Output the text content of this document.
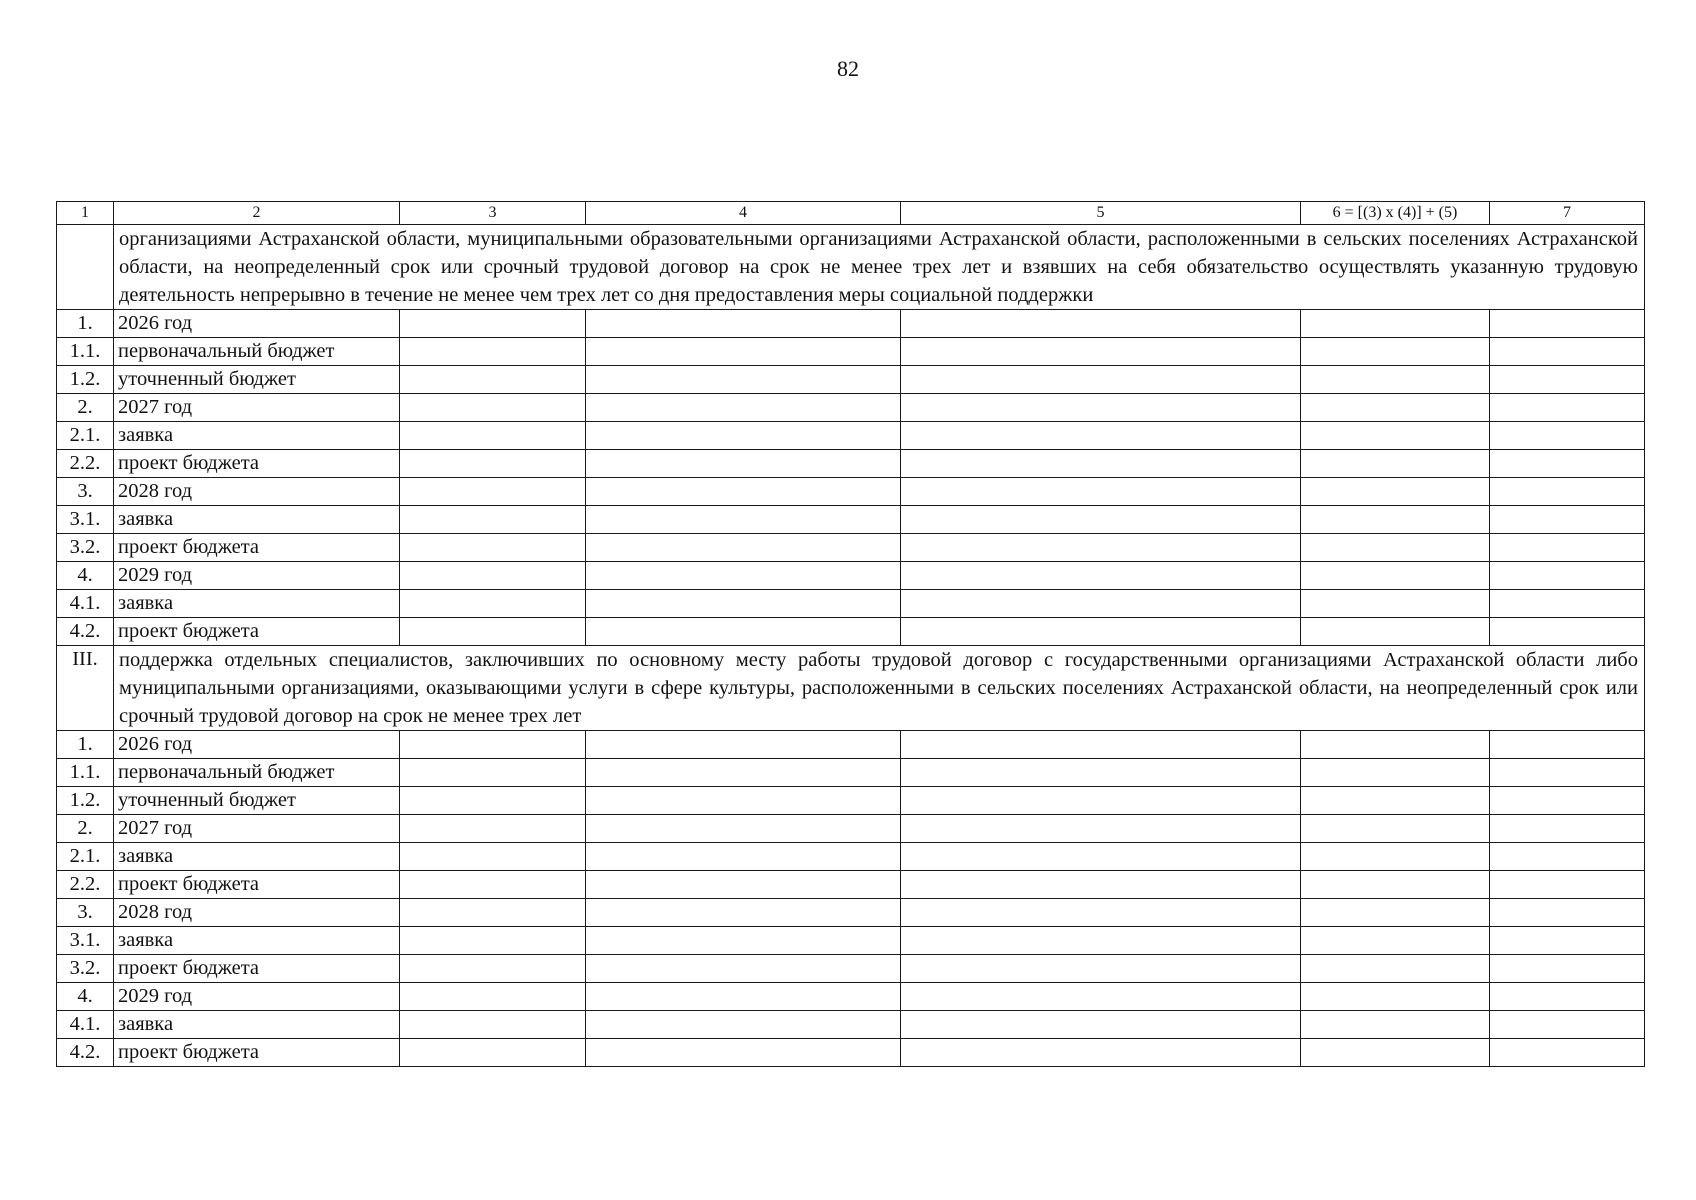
82
1	2	3	4	5	6 = [(3) x (4)] + (5)	7
	организациями Астраханской области, муниципальными образовательными организациями Астраханской области, расположенными в сельских поселениях Астраханской области, на неопределенный срок или срочный трудовой договор на срок не менее трех лет и взявших на себя обязательство осуществлять указанную трудовую деятельность непрерывно в течение не менее чем трех лет со дня предоставления меры социальной поддержки					
1.	2026 год					
1.1.	первоначальный бюджет					
1.2.	уточненный бюджет					
2.	2027 год					
2.1.	заявка					
2.2.	проект бюджета					
3.	2028 год					
3.1.	заявка					
3.2.	проект бюджета					
4.	2029 год					
4.1.	заявка					
4.2.	проект бюджета					
III.	поддержка отдельных специалистов, заключивших по основному месту работы трудовой договор с государственными организациями Астраханской области либо муниципальными организациями, оказывающими услуги в сфере культуры, расположенными в сельских поселениях Астраханской области, на неопределенный срок или срочный трудовой договор на срок не менее трех лет					
1.	2026 год					
1.1.	первоначальный бюджет					
1.2.	уточненный бюджет					
2.	2027 год					
2.1.	заявка					
2.2.	проект бюджета					
3.	2028 год					
3.1.	заявка					
3.2.	проект бюджета					
4.	2029 год					
4.1.	заявка					
4.2.	проект бюджета					
